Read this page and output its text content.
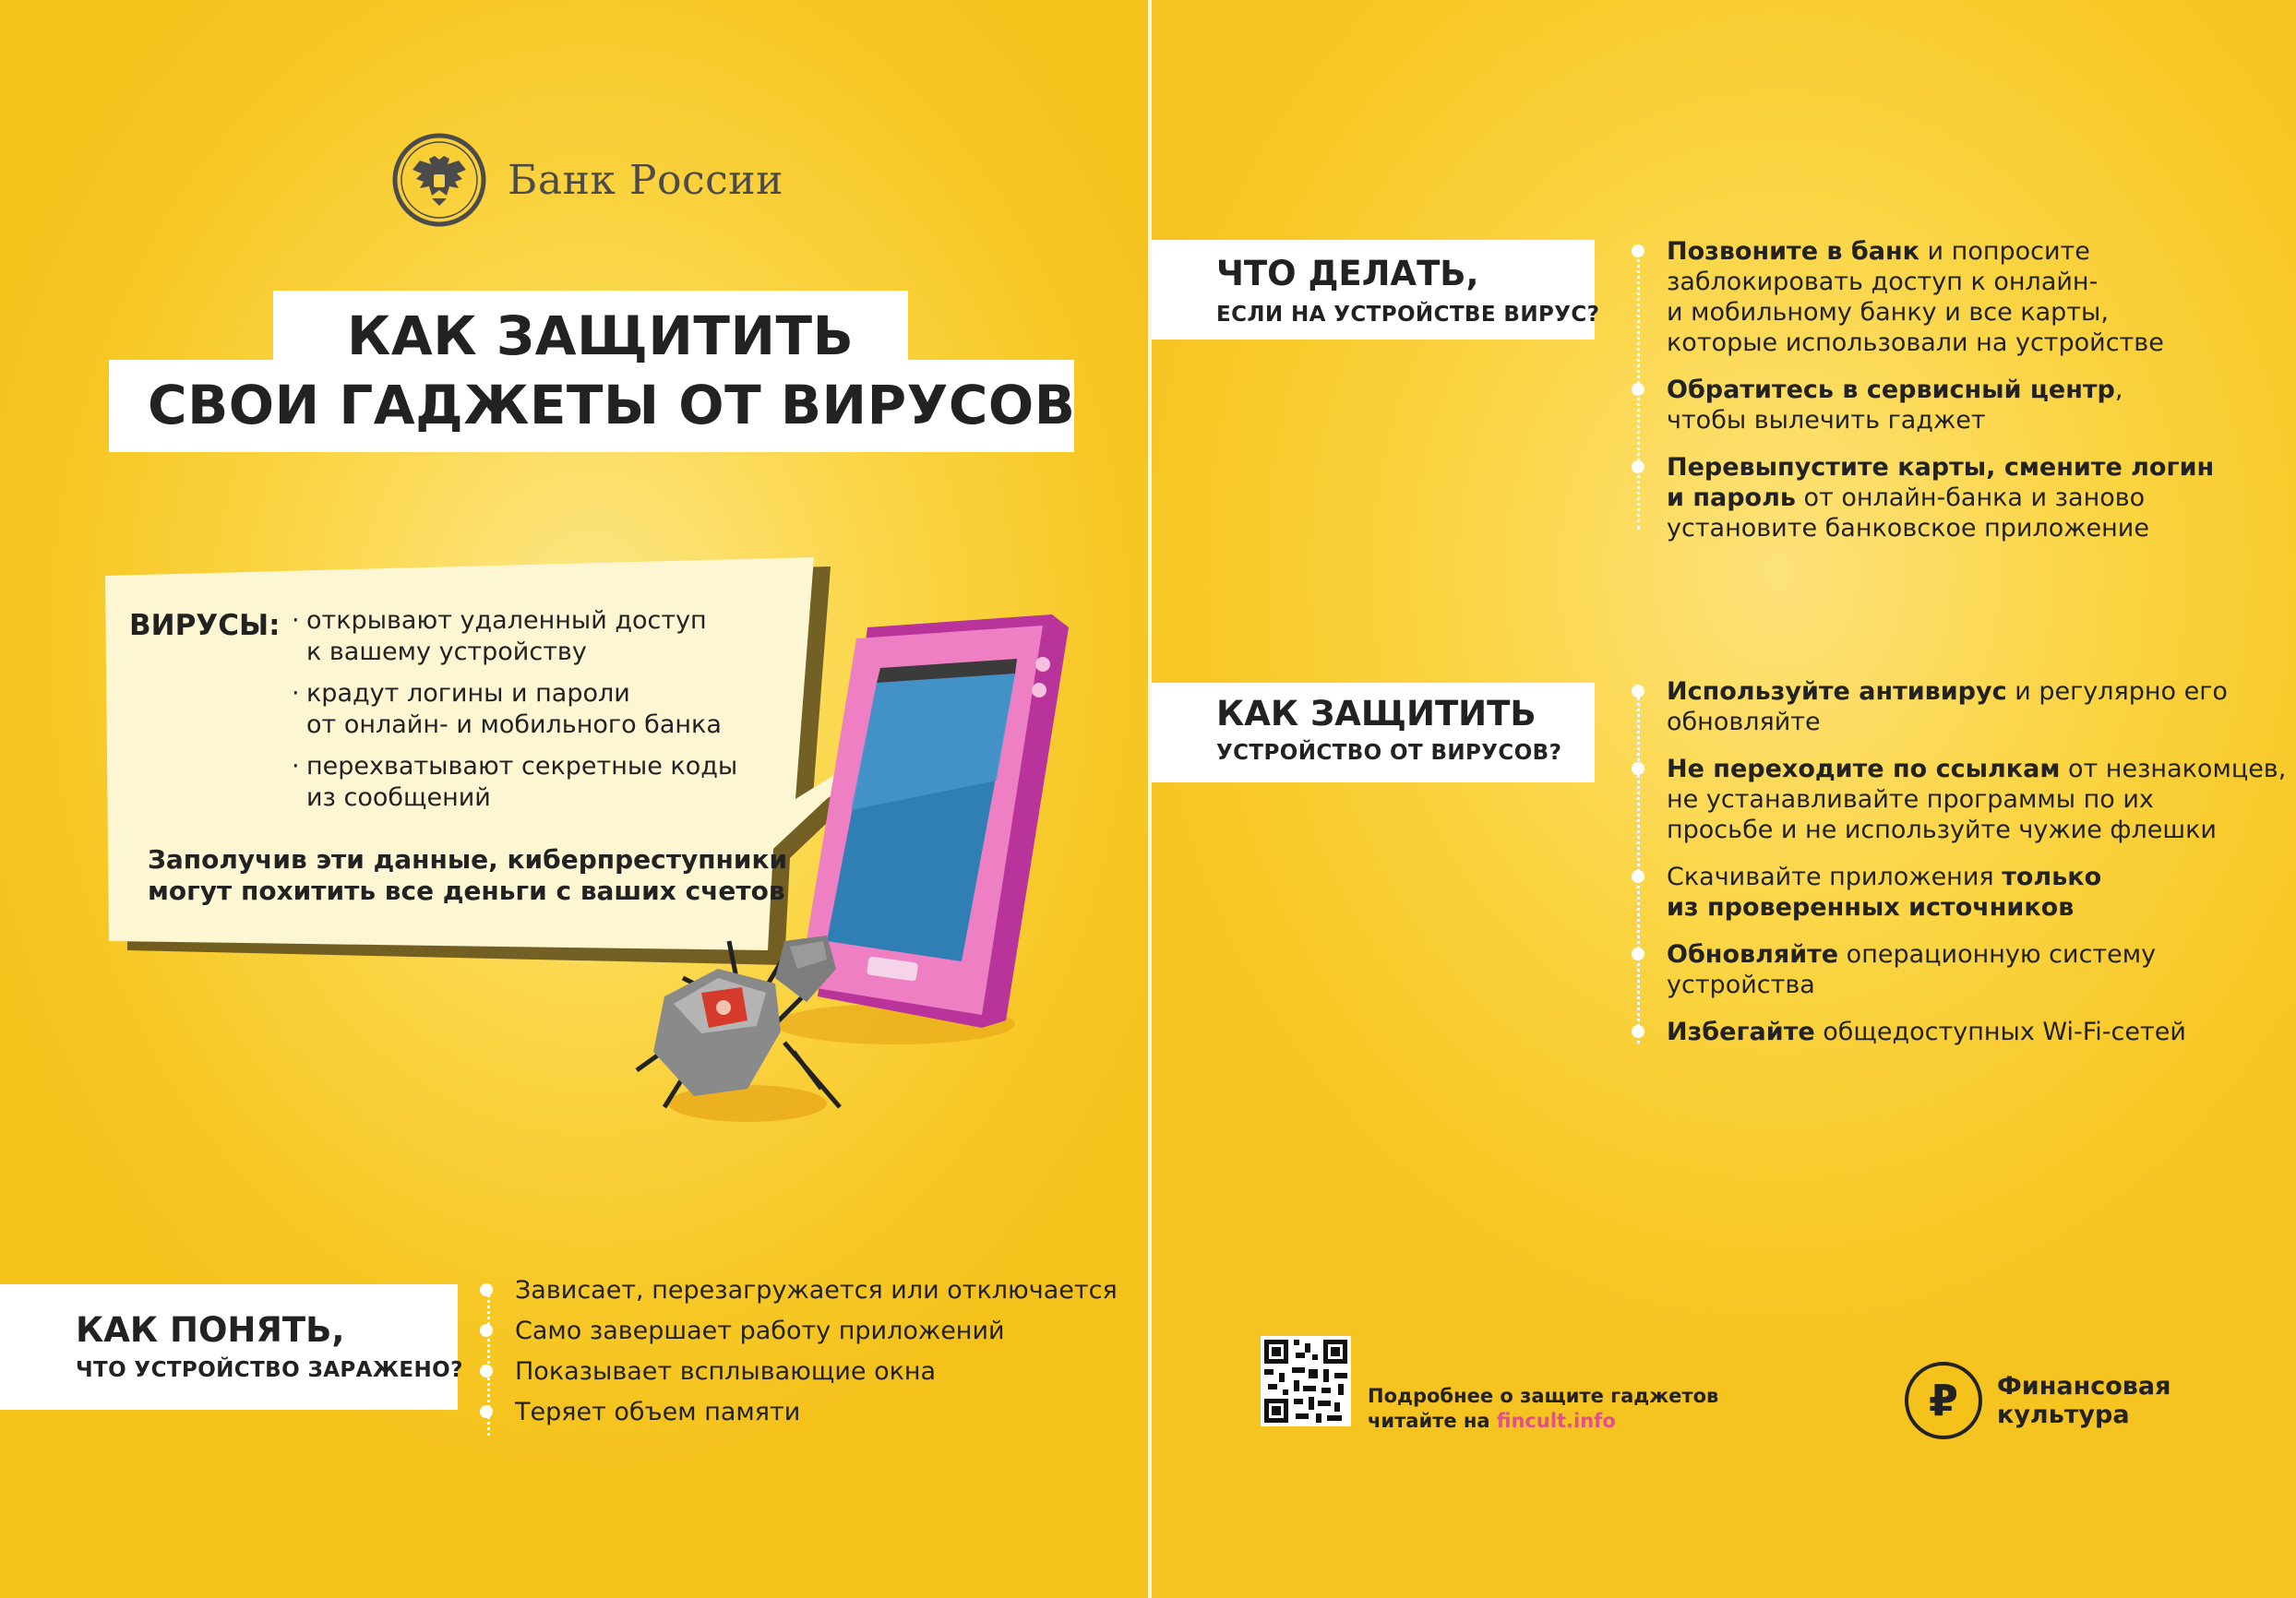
Банк России
КАК ЗАЩИТИТЬ
СВОИ ГАДЖЕТЫ ОТ ВИРУСОВ
ВИРУСЫ: · открывают удаленный доступ
к вашему устройству
· крадут логины и пароли
от онлайн- и мобильного банка
· перехватывают секретные коды
из сообщений
Заполучив эти данные, киберпреступники
могут похитить все деньги с ваших счетов
КАК ПОНЯТЬ,
ЧТО УСТРОЙСТВО ЗАРАЖЕНО?
Зависает, перезагружается или отключается
Само завершает работу приложений
Показывает всплывающие окна
Теряет объем памяти
ЧТО ДЕЛАТЬ,
ЕСЛИ НА УСТРОЙСТВЕ ВИРУС?
Позвоните в банк и попросите
заблокировать доступ к онлайн-
и мобильному банку и все карты,
которые использовали на устройстве
Обратитесь в сервисный центр,
чтобы вылечить гаджет
Перевыпустите карты, смените логин
и пароль от онлайн-банка и заново
установите банковское приложение
КАК ЗАЩИТИТЬ
УСТРОЙСТВО ОТ ВИРУСОВ?
Используйте антивирус и регулярно его
обновляйте
Не переходите по ссылкам от незнакомцев,
не устанавливайте программы по их
просьбе и не используйте чужие флешки
Скачивайте приложения только
из проверенных источников
Обновляйте операционную систему
устройства
Избегайте общедоступных Wi-Fi-сетей
Подробнее о защите гаджетов
читайте на fincult.info	₽ Финансовая
культура
